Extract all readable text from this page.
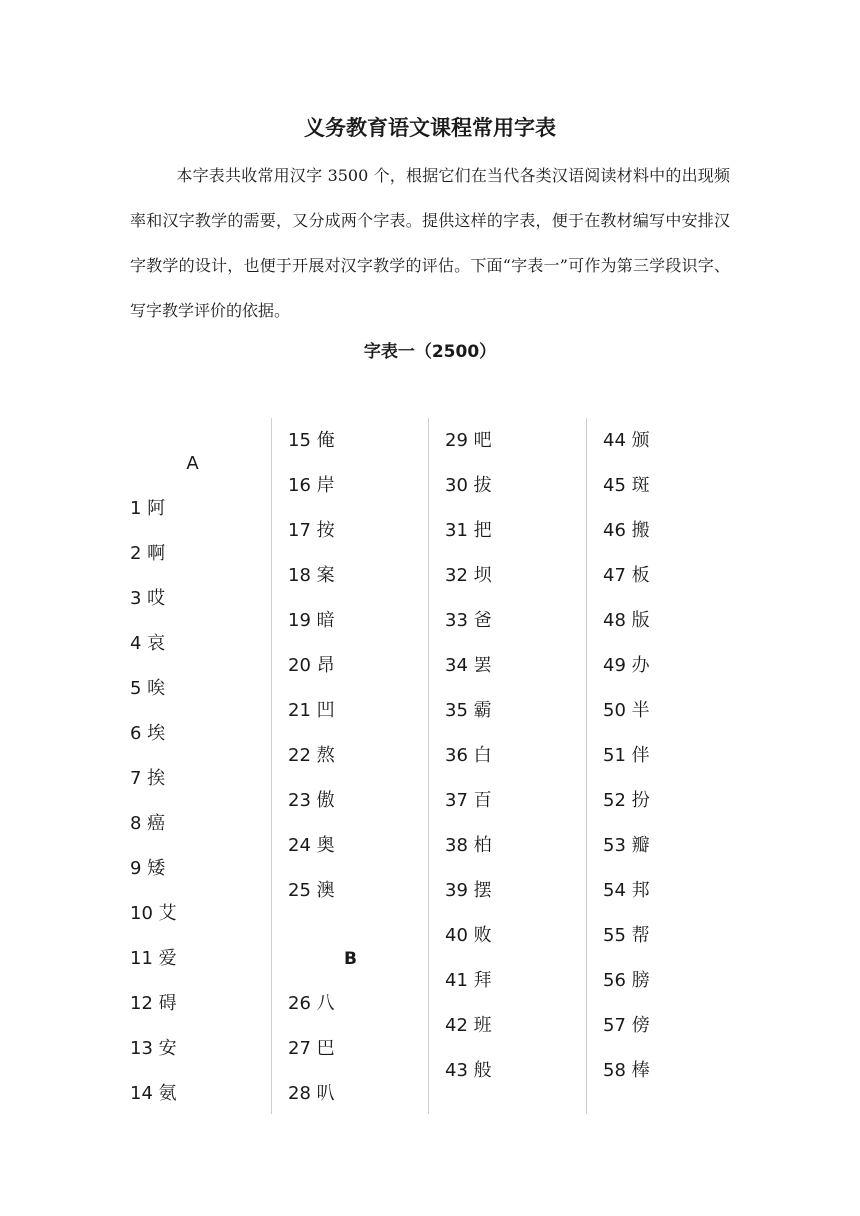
义务教育语文课程常用字表

本字表共收常用汉字 3500 个，根据它们在当代各类汉语阅读材料中的出现频率和汉字教学的需要，又分成两个字表。提供这样的字表，便于在教材编写中安排汉字教学的设计，也便于开展对汉字教学的评估。下面“字表一”可作为第三学段识字、写字教学评价的依据。

字表一（2500）
A
1 阿
2 啊
3 哎
4 哀
5 唉
6 埃
7 挨
8 癌
9 矮
10 艾
11 爱
12 碍
13 安
14 氨
B
15 俺
16 岸
17 按
18 案
19 暗
20 昂
21 凹
22 熬
23 傲
24 奥
25 澳
26 八
27 巴
28 叭
29 吧
30 拔
31 把
32 坝
33 爸
34 罢
35 霸
36 白
37 百
38 柏
39 摆
40 败
41 拜
42 班
43 般
44 颁
45 斑
46 搬
47 板
48 版
49 办
50 半
51 伴
52 扮
53 瓣
54 邦
55 帮
56 膀
57 傍
58 棒
